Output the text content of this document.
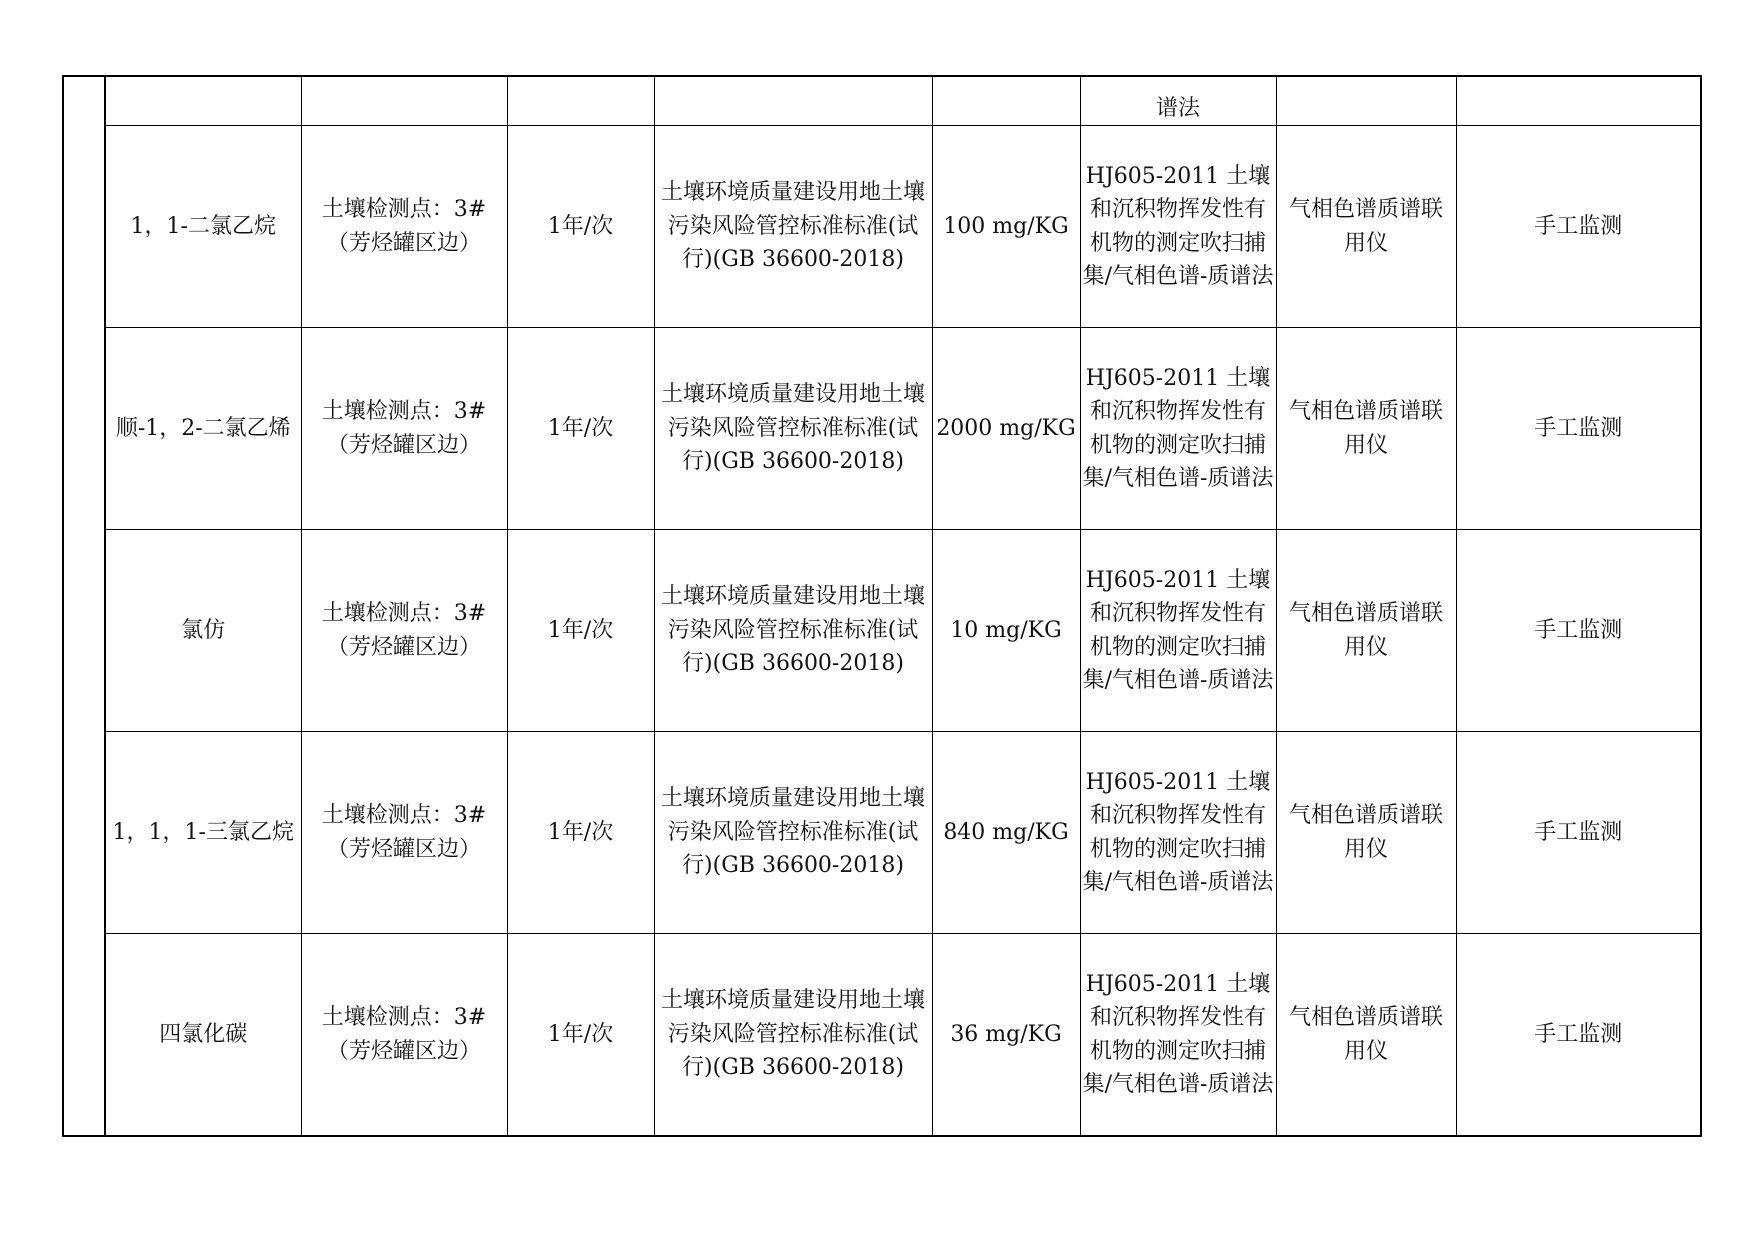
						谱法		

	1，1-二氯乙烷	土壤检测点：3#（芳烃罐区边）	1年/次	土壤环境质量建设用地土壤污染风险管控标准标准(试行)(GB 36600-2018)	100 mg/KG	HJ605-2011 土壤和沉积物挥发性有机物的测定吹扫捕集/气相色谱-质谱法	气相色谱质谱联用仪	手工监测
	顺-1，2-二氯乙烯	土壤检测点：3#（芳烃罐区边）	1年/次	土壤环境质量建设用地土壤污染风险管控标准标准(试行)(GB 36600-2018)	2000 mg/KG	HJ605-2011 土壤和沉积物挥发性有机物的测定吹扫捕集/气相色谱-质谱法	气相色谱质谱联用仪	手工监测
	氯仿	土壤检测点：3#（芳烃罐区边）	1年/次	土壤环境质量建设用地土壤污染风险管控标准标准(试行)(GB 36600-2018)	10 mg/KG	HJ605-2011 土壤和沉积物挥发性有机物的测定吹扫捕集/气相色谱-质谱法	气相色谱质谱联用仪	手工监测
	1，1，1-三氯乙烷	土壤检测点：3#（芳烃罐区边）	1年/次	土壤环境质量建设用地土壤污染风险管控标准标准(试行)(GB 36600-2018)	840 mg/KG	HJ605-2011 土壤和沉积物挥发性有机物的测定吹扫捕集/气相色谱-质谱法	气相色谱质谱联用仪	手工监测
	四氯化碳	土壤检测点：3#（芳烃罐区边）	1年/次	土壤环境质量建设用地土壤污染风险管控标准标准(试行)(GB 36600-2018)	36 mg/KG	HJ605-2011 土壤和沉积物挥发性有机物的测定吹扫捕集/气相色谱-质谱法	气相色谱质谱联用仪	手工监测
